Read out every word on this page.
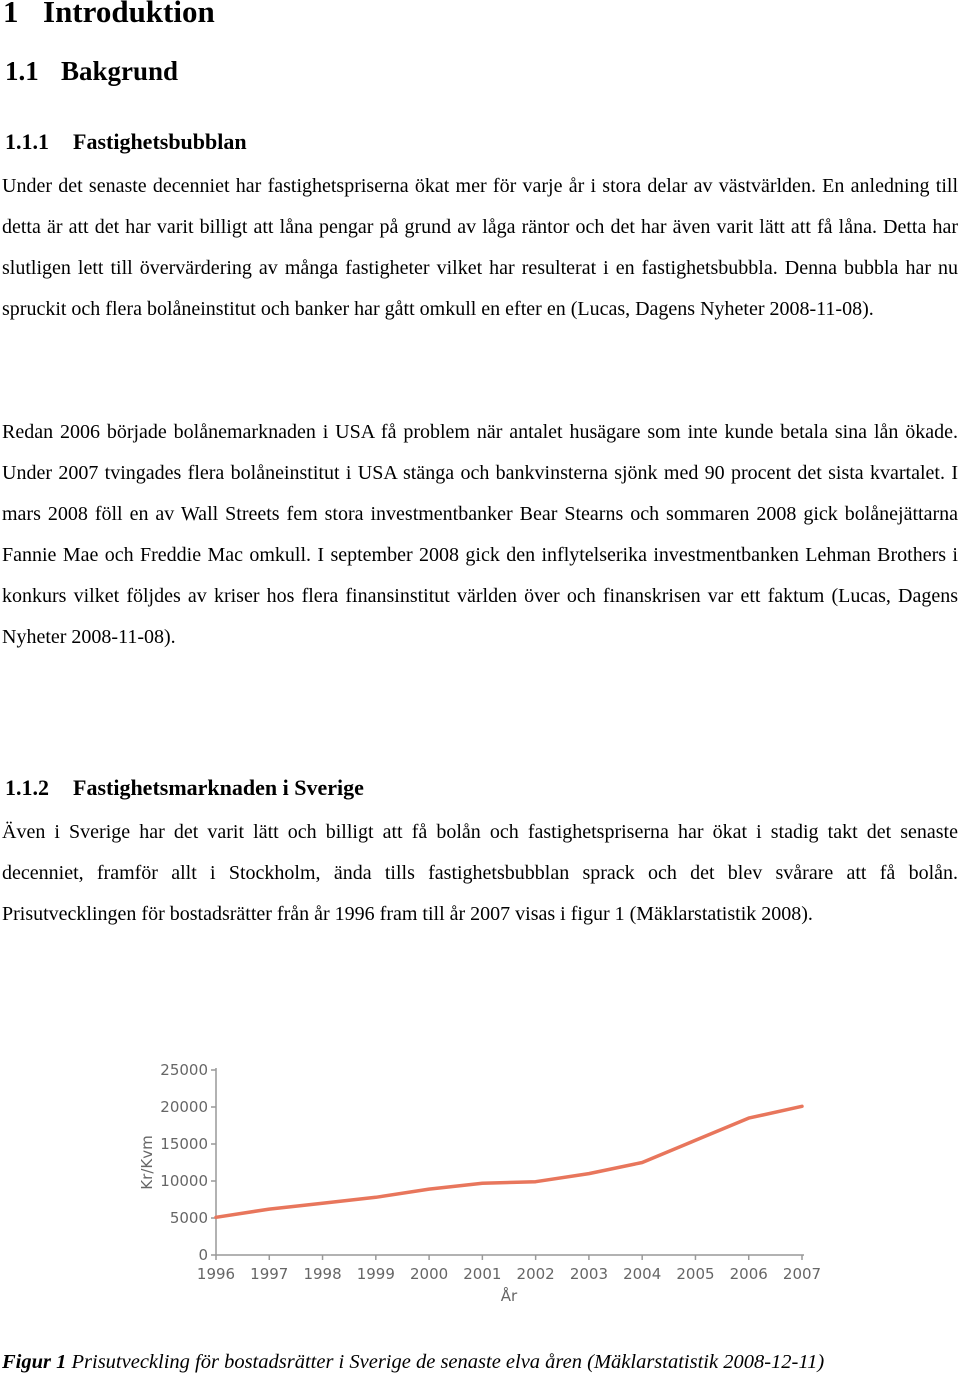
1 Introduktion
1.1 Bakgrund
1.1.1 Fastighetsbubblan

Under det senaste decenniet har fastighetspriserna ökat mer för varje år i stora delar av västvärlden. En anledning till detta är att det har varit billigt att låna pengar på grund av låga räntor och det har även varit lätt att få låna. Detta har slutligen lett till övervärdering av många fastigheter vilket har resulterat i en fastighetsbubbla. Denna bubbla har nu spruckit och flera bolåneinstitut och banker har gått omkull en efter en (Lucas, Dagens Nyheter 2008-11-08).

Redan 2006 började bolånemarknaden i USA få problem när antalet husägare som inte kunde betala sina lån ökade. Under 2007 tvingades flera bolåneinstitut i USA stänga och bankvinsterna sjönk med 90 procent det sista kvartalet. I mars 2008 föll en av Wall Streets fem stora investmentbanker Bear Stearns och sommaren 2008 gick bolånejättarna Fannie Mae och Freddie Mac omkull. I september 2008 gick den inflytelserika investmentbanken Lehman Brothers i konkurs vilket följdes av kriser hos flera finansinstitut världen över och finanskrisen var ett faktum (Lucas, Dagens Nyheter 2008-11-08).

1.1.2 Fastighetsmarknaden i Sverige

Även i Sverige har det varit lätt och billigt att få bolån och fastighetspriserna har ökat i stadig takt det senaste decenniet, framför allt i Stockholm, ända tills fastighetsbubblan sprack och det blev svårare att få bolån. Prisutvecklingen för bostadsrätter från år 1996 fram till år 2007 visas i figur 1 (Mäklarstatistik 2008).

0
5000
10000
15000
20000
25000
1996 1997 1998 1999 2000 2001 2002 2003 2004 2005 2006 2007
Kr/Kvm
År

Figur 1 Prisutveckling för bostadsrätter i Sverige de senaste elva åren (Mäklarstatistik 2008-12-11)
